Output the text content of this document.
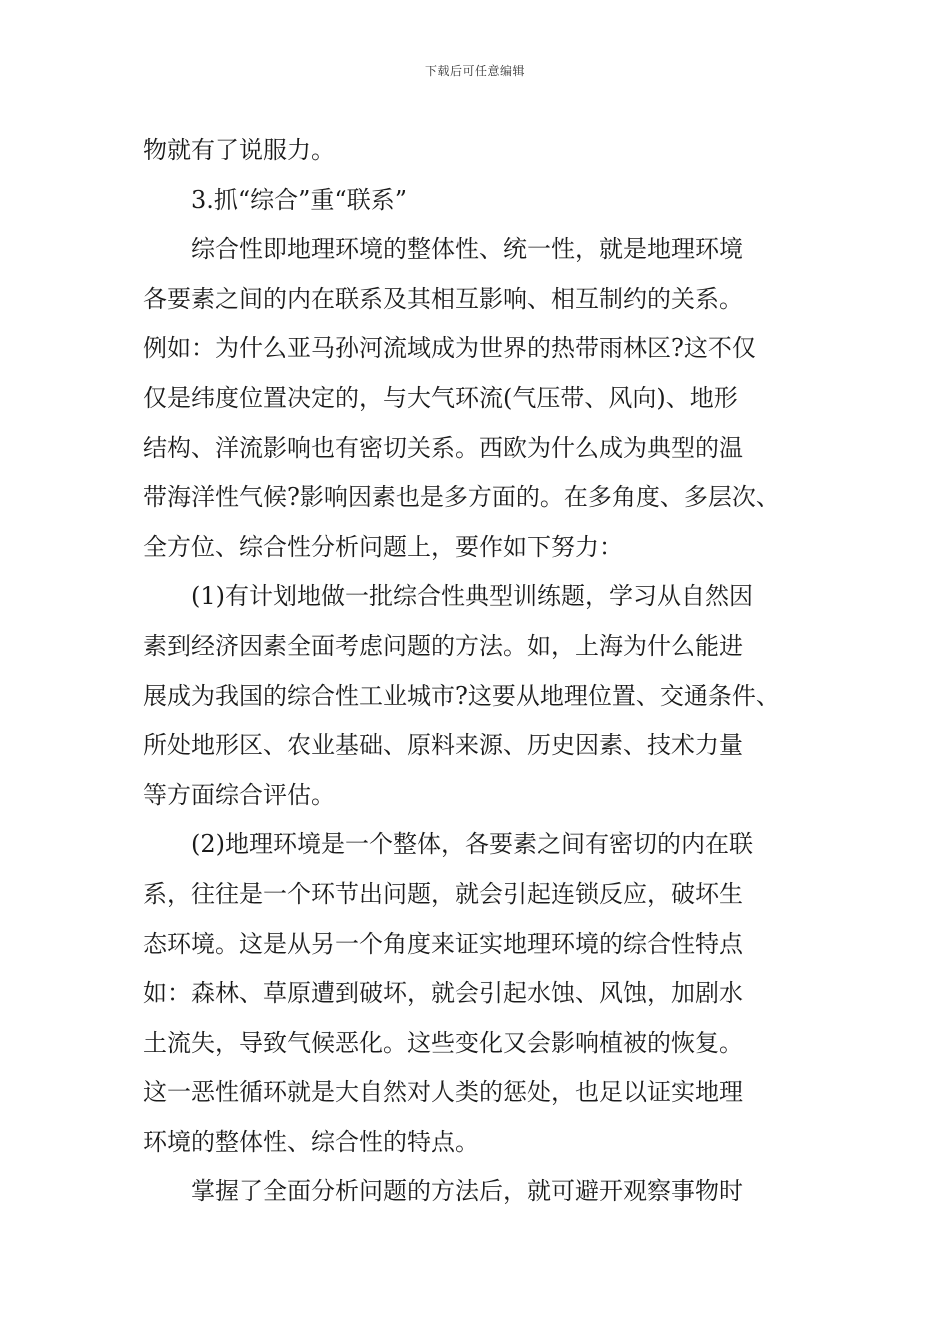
下载后可任意编辑
物就有了说服力。
3.抓“综合”重“联系”
综合性即地理环境的整体性、统一性，就是地理环境
各要素之间的内在联系及其相互影响、相互制约的关系。
例如：为什么亚马孙河流域成为世界的热带雨林区?这不仅
仅是纬度位置决定的，与大气环流(气压带、风向)、地形
结构、洋流影响也有密切关系。西欧为什么成为典型的温
带海洋性气候?影响因素也是多方面的。在多角度、多层次、
全方位、综合性分析问题上，要作如下努力：
(1)有计划地做一批综合性典型训练题，学习从自然因
素到经济因素全面考虑问题的方法。如，上海为什么能进
展成为我国的综合性工业城市?这要从地理位置、交通条件、
所处地形区、农业基础、原料来源、历史因素、技术力量
等方面综合评估。
(2)地理环境是一个整体，各要素之间有密切的内在联
系，往往是一个环节出问题，就会引起连锁反应，破坏生
态环境。这是从另一个角度来证实地理环境的综合性特点
如：森林、草原遭到破坏，就会引起水蚀、风蚀，加剧水
土流失，导致气候恶化。这些变化又会影响植被的恢复。
这一恶性循环就是大自然对人类的惩处，也足以证实地理
环境的整体性、综合性的特点。
掌握了全面分析问题的方法后，就可避开观察事物时
